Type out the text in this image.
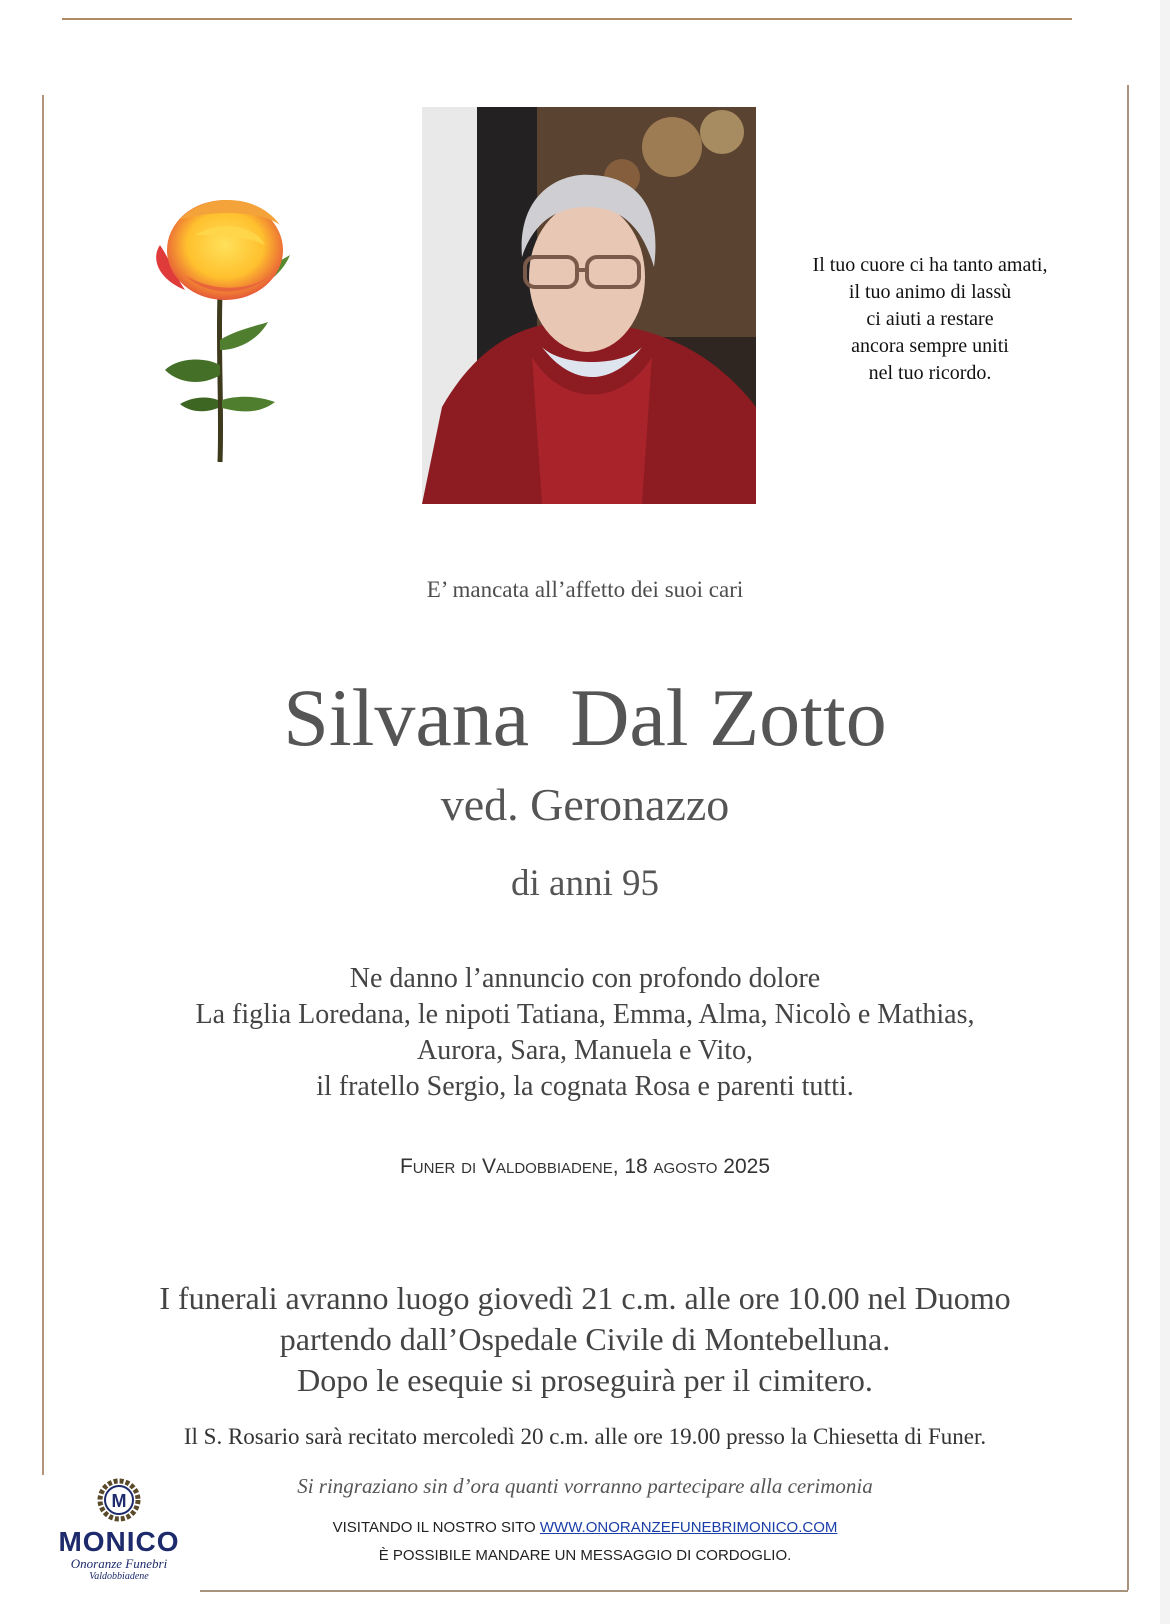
Il tuo cuore ci ha tanto amati,
il tuo animo di lassù
ci aiuti a restare
ancora sempre uniti
nel tuo ricordo.
E’ mancata all’affetto dei suoi cari
Silvana  Dal Zotto
ved. Geronazzo
di anni 95
Ne danno l’annuncio con profondo dolore
La figlia Loredana, le nipoti Tatiana, Emma, Alma, Nicolò e Mathias,
Aurora, Sara, Manuela e Vito,
il fratello Sergio, la cognata Rosa e parenti tutti.
Funer di Valdobbiadene, 18 agosto 2025
I funerali avranno luogo giovedì 21 c.m. alle ore 10.00 nel Duomo
partendo dall’Ospedale Civile di Montebelluna.
Dopo le esequie si proseguirà per il cimitero.
Il S. Rosario sarà recitato mercoledì 20 c.m. alle ore 19.00 presso la Chiesetta di Funer.
Si ringraziano sin d’ora quanti vorranno partecipare alla cerimonia
VISITANDO IL NOSTRO SITO WWW.ONORANZEFUNEBRIMONICO.COM
È POSSIBILE MANDARE UN MESSAGGIO DI CORDOGLIO.
M
MONICO
Onoranze Funebri
Valdobbiadene
